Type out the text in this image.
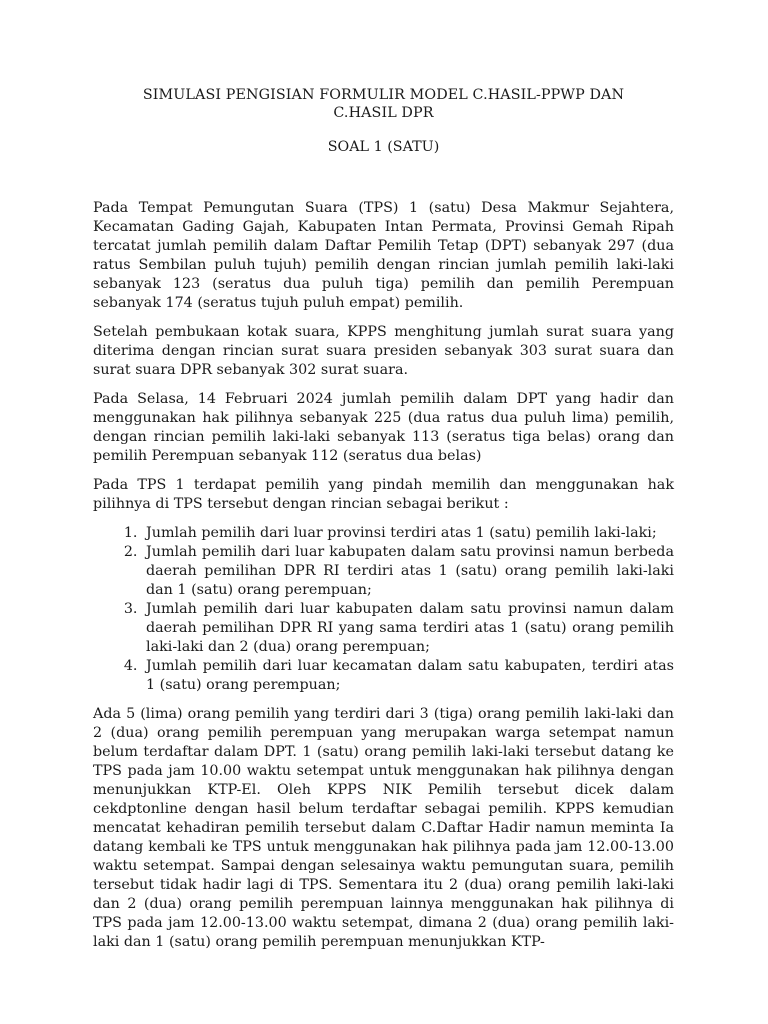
SIMULASI PENGISIAN FORMULIR MODEL C.HASIL-PPWP DAN C.HASIL DPR
SOAL 1 (SATU)

Pada Tempat Pemungutan Suara (TPS) 1 (satu) Desa Makmur Sejahtera, Kecamatan Gading Gajah, Kabupaten Intan Permata, Provinsi Gemah Ripah tercatat jumlah pemilih dalam Daftar Pemilih Tetap (DPT) sebanyak 297 (dua ratus Sembilan puluh tujuh) pemilih dengan rincian jumlah pemilih laki-laki sebanyak 123 (seratus dua puluh tiga) pemilih dan pemilih Perempuan sebanyak 174 (seratus tujuh puluh empat) pemilih.

Setelah pembukaan kotak suara, KPPS menghitung jumlah surat suara yang diterima dengan rincian surat suara presiden sebanyak 303 surat suara dan surat suara DPR sebanyak 302 surat suara.

Pada Selasa, 14 Februari 2024 jumlah pemilih dalam DPT yang hadir dan menggunakan hak pilihnya sebanyak 225 (dua ratus dua puluh lima) pemilih, dengan rincian pemilih laki-laki sebanyak 113 (seratus tiga belas) orang dan pemilih Perempuan sebanyak 112 (seratus dua belas)

Pada TPS 1 terdapat pemilih yang pindah memilih dan menggunakan hak pilihnya di TPS tersebut dengan rincian sebagai berikut :

1. Jumlah pemilih dari luar provinsi terdiri atas 1 (satu) pemilih laki-laki;
2. Jumlah pemilih dari luar kabupaten dalam satu provinsi namun berbeda daerah pemilihan DPR RI terdiri atas 1 (satu) orang pemilih laki-laki dan 1 (satu) orang perempuan;
3. Jumlah pemilih dari luar kabupaten dalam satu provinsi namun dalam daerah pemilihan DPR RI yang sama terdiri atas 1 (satu) orang pemilih laki-laki dan 2 (dua) orang perempuan;
4. Jumlah pemilih dari luar kecamatan dalam satu kabupaten, terdiri atas 1 (satu) orang perempuan;

Ada 5 (lima) orang pemilih yang terdiri dari 3 (tiga) orang pemilih laki-laki dan 2 (dua) orang pemilih perempuan yang merupakan warga setempat namun belum terdaftar dalam DPT. 1 (satu) orang pemilih laki-laki tersebut datang ke TPS pada jam 10.00 waktu setempat untuk menggunakan hak pilihnya dengan menunjukkan KTP-El. Oleh KPPS NIK Pemilih tersebut dicek dalam cekdptonline dengan hasil belum terdaftar sebagai pemilih. KPPS kemudian mencatat kehadiran pemilih tersebut dalam C.Daftar Hadir namun meminta Ia datang kembali ke TPS untuk menggunakan hak pilihnya pada jam 12.00-13.00 waktu setempat. Sampai dengan selesainya waktu pemungutan suara, pemilih tersebut tidak hadir lagi di TPS. Sementara itu 2 (dua) orang pemilih laki-laki dan 2 (dua) orang pemilih perempuan lainnya menggunakan hak pilihnya di TPS pada jam 12.00-13.00 waktu setempat, dimana 2 (dua) orang pemilih laki-laki dan 1 (satu) orang pemilih perempuan menunjukkan KTP-
